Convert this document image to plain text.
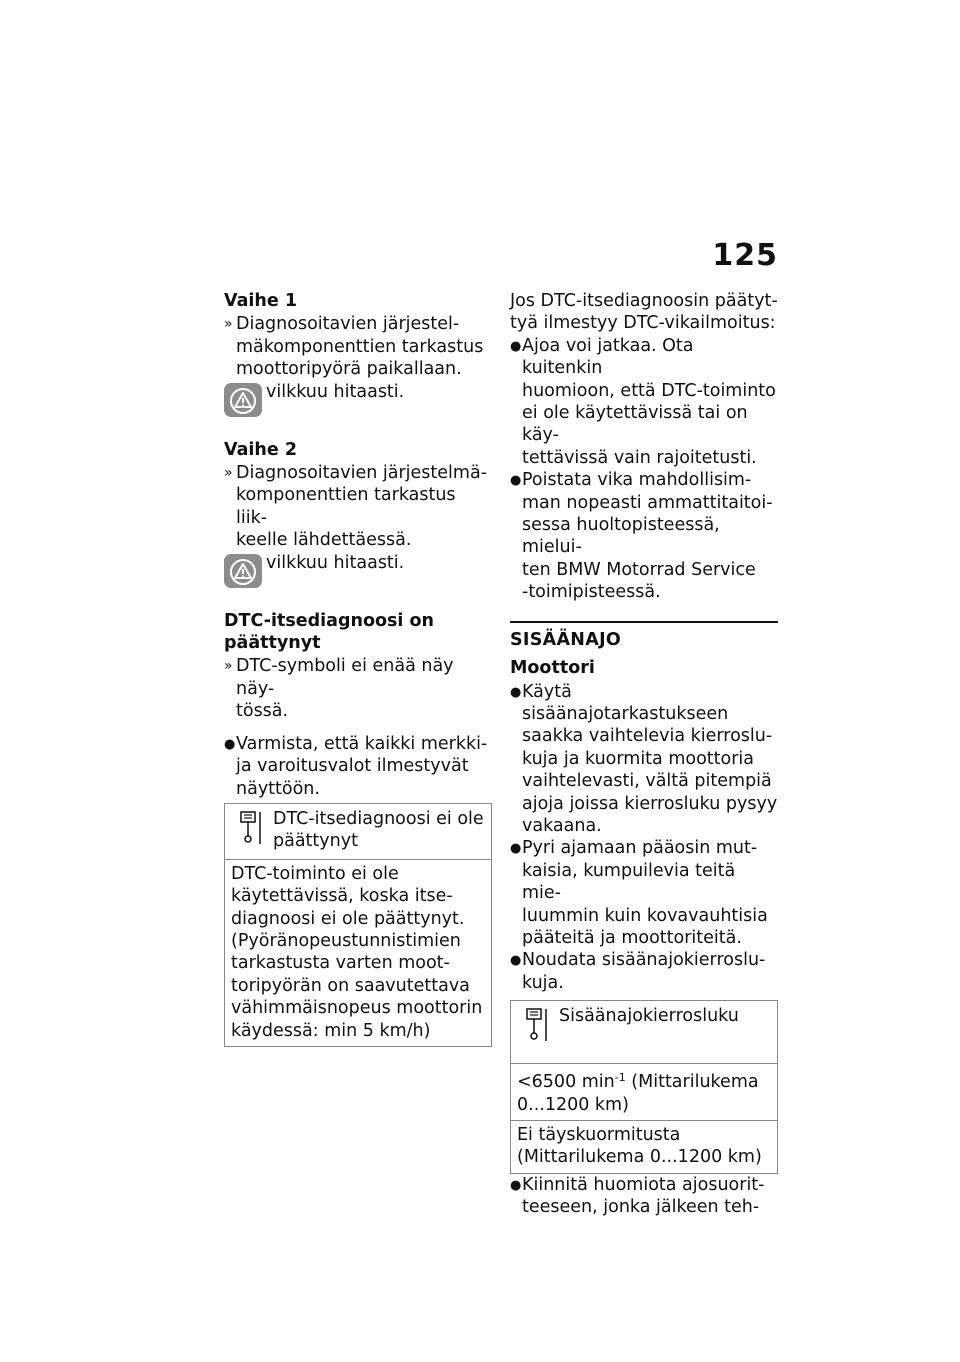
125
Vaihe 1
» Diagnosoitavien järjestel-
mäkomponenttien tarkastus
moottoripyörä paikallaan.
vilkkuu hitaasti.
Vaihe 2
» Diagnosoitavien järjestelmä-
komponenttien tarkastus liik-
keelle lähdettäessä.
vilkkuu hitaasti.
DTC-itsediagnoosi on
päättynyt
» DTC-symboli ei enää näy näy-
tössä.
● Varmista, että kaikki merkki-
ja varoitusvalot ilmestyvät
näyttöön.
DTC-itsediagnoosi ei ole
päättynyt
DTC-toiminto ei ole
käytettävissä, koska itse-
diagnoosi ei ole päättynyt.
(Pyöränopeustunnistimien
tarkastusta varten moot-
toripyörän on saavutettava
vähimmäisnopeus moottorin
käydessä: min 5 km/h)
Jos DTC-itsediagnoosin päätyt-
tyä ilmestyy DTC-vikailmoitus:
● Ajoa voi jatkaa. Ota kuitenkin
huomioon, että DTC-toiminto
ei ole käytettävissä tai on käy-
tettävissä vain rajoitetusti.
● Poistata vika mahdollisim-
man nopeasti ammattitaitoi-
sessa huoltopisteessä, mielui-
ten BMW Motorrad Service
-toimipisteessä.
SISÄÄNAJO
Moottori
● Käytä sisäänajotarkastukseen
saakka vaihtelevia kierroslu-
kuja ja kuormita moottoria
vaihtelevasti, vältä pitempiä
ajoja joissa kierrosluku pysyy
vakaana.
● Pyri ajamaan pääosin mut-
kaisia, kumpuilevia teitä mie-
luummin kuin kovavauhtisia
pääteitä ja moottoriteitä.
● Noudata sisäänajokierroslu-
kuja.
Sisäänajokierrosluku
<6500 $\min^{-1}$ (Mittarilukema
0...1200 km)
Ei täyskuormitusta
(Mittarilukema 0...1200 km)
● Kiinnitä huomiota ajosuorit-
teeseen, jonka jälkeen teh-
